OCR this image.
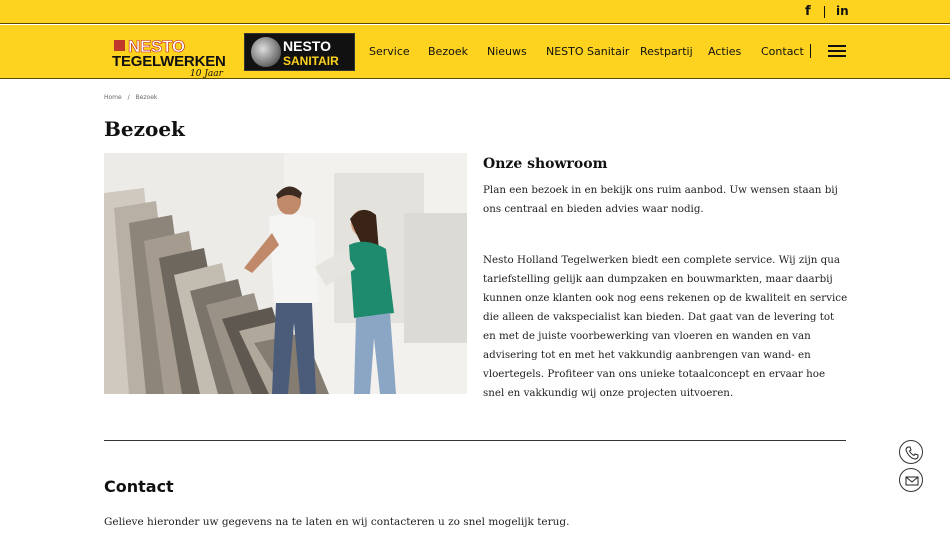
f in
NESTO
TEGELWERKEN
10 Jaar
NESTO
SANITAIR
Service Bezoek Nieuws NESTO Sanitair Restpartij Acties Contact
Home / Bezoek
Bezoek
Onze showroom

Plan een bezoek in en bekijk ons ruim aanbod. Uw wensen staan bij ons centraal en bieden advies waar nodig.

Nesto Holland Tegelwerken biedt een complete service. Wij zijn qua tariefstelling gelijk aan dumpzaken en bouwmarkten, maar daarbij kunnen onze klanten ook nog eens rekenen op de kwaliteit en service die alleen de vakspecialist kan bieden. Dat gaat van de levering tot en met de juiste voorbewerking van vloeren en wanden en van advisering tot en met het vakkundig aanbrengen van wand- en vloertegels. Profiteer van ons unieke totaalconcept en ervaar hoe snel en vakkundig wij onze projecten uitvoeren.

Contact

Gelieve hieronder uw gegevens na te laten en wij contacteren u zo snel mogelijk terug.
